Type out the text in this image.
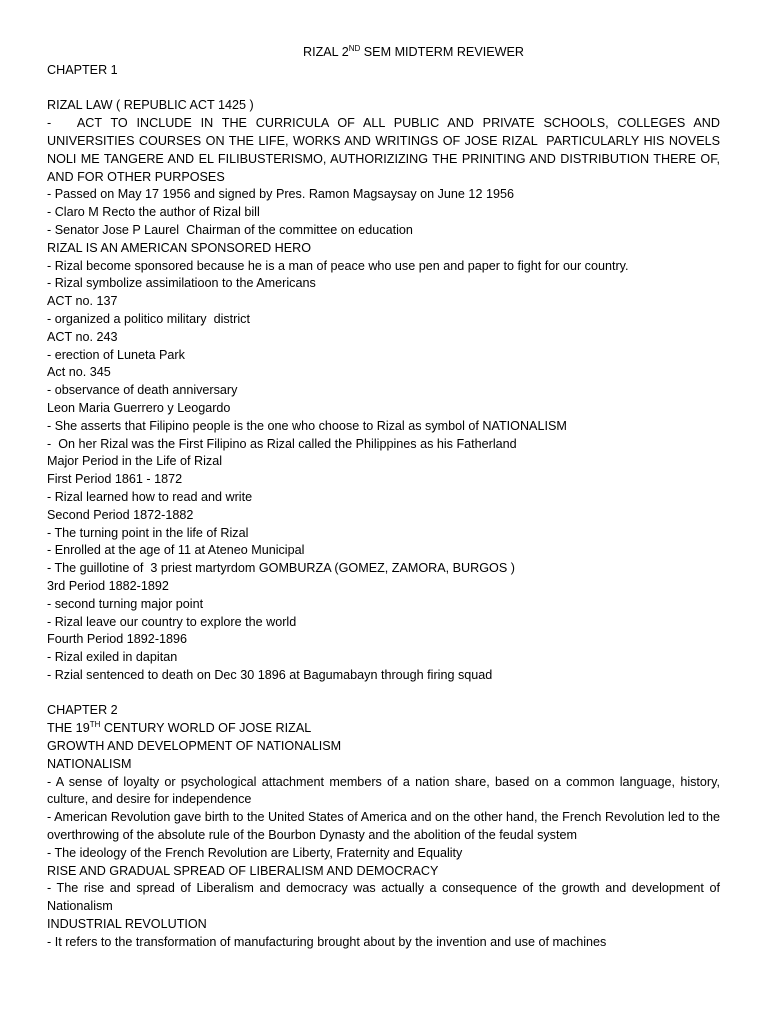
RIZAL 2ND SEM MIDTERM REVIEWER

CHAPTER 1

RIZAL LAW ( REPUBLIC ACT 1425 )

-   ACT TO INCLUDE IN THE CURRICULA OF ALL PUBLIC AND PRIVATE SCHOOLS, COLLEGES AND UNIVERSITIES COURSES ON THE LIFE, WORKS AND WRITINGS OF JOSE RIZAL  PARTICULARLY HIS NOVELS NOLI ME TANGERE AND EL FILIBUSTERISMO, AUTHORIZIZING THE PRINITING AND DISTRIBUTION THERE OF, AND FOR OTHER PURPOSES

- Passed on May 17 1956 and signed by Pres. Ramon Magsaysay on June 12 1956

- Claro M Recto the author of Rizal bill

- Senator Jose P Laurel  Chairman of the committee on education

RIZAL IS AN AMERICAN SPONSORED HERO

- Rizal become sponsored because he is a man of peace who use pen and paper to fight for our country.

- Rizal symbolize assimilatioon to the Americans

ACT no. 137

- organized a politico military  district

ACT no. 243

- erection of Luneta Park

Act no. 345

- observance of death anniversary

Leon Maria Guerrero y Leogardo

- She asserts that Filipino people is the one who choose to Rizal as symbol of NATIONALISM

-  On her Rizal was the First Filipino as Rizal called the Philippines as his Fatherland

Major Period in the Life of Rizal

First Period 1861 - 1872

- Rizal learned how to read and write

Second Period 1872-1882

- The turning point in the life of Rizal

- Enrolled at the age of 11 at Ateneo Municipal

- The guillotine of  3 priest martyrdom GOMBURZA (GOMEZ, ZAMORA, BURGOS )

3rd Period 1882-1892

- second turning major point

- Rizal leave our country to explore the world

Fourth Period 1892-1896

- Rizal exiled in dapitan

- Rzial sentenced to death on Dec 30 1896 at Bagumabayn through firing squad

CHAPTER 2

THE 19TH CENTURY WORLD OF JOSE RIZAL

GROWTH AND DEVELOPMENT OF NATIONALISM

NATIONALISM

- A sense of loyalty or psychological attachment members of a nation share, based on a common language, history, culture, and desire for independence

- American Revolution gave birth to the United States of America and on the other hand, the French Revolution led to the overthrowing of the absolute rule of the Bourbon Dynasty and the abolition of the feudal system

- The ideology of the French Revolution are Liberty, Fraternity and Equality

RISE AND GRADUAL SPREAD OF LIBERALISM AND DEMOCRACY

- The rise and spread of Liberalism and democracy was actually a consequence of the growth and development of Nationalism

INDUSTRIAL REVOLUTION

- It refers to the transformation of manufacturing brought about by the invention and use of machines
